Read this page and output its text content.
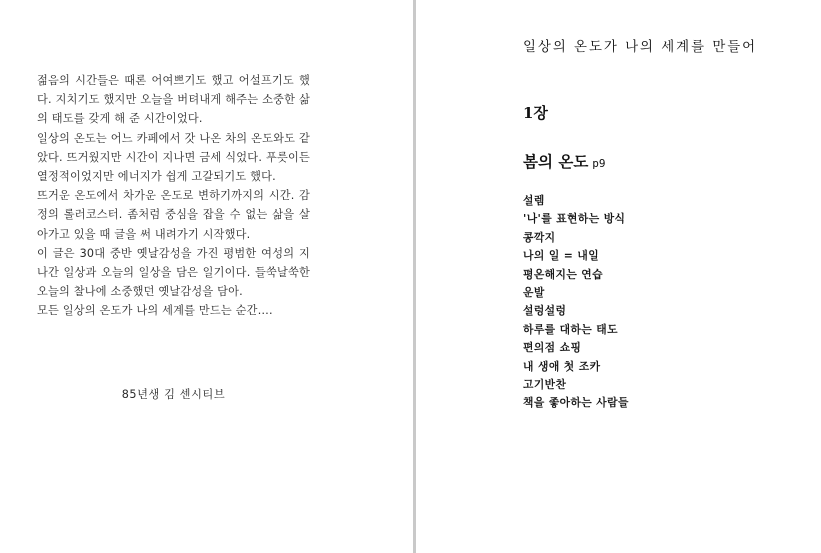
젊음의 시간들은 때론 어여쁘기도 했고 어설프기도 했다. 지치기도 했지만 오늘을 버텨내게 해주는 소중한 삶의 태도를 갖게 해 준 시간이었다.

일상의 온도는 어느 카페에서 갓 나온 차의 온도와도 같았다. 뜨거웠지만 시간이 지나면 금세 식었다. 푸릇이든 열정적이었지만 에너지가 쉽게 고갈되기도 했다.

뜨거운 온도에서 차가운 온도로 변하기까지의 시간. 감정의 롤러코스터. 좀처럼 중심을 잡을 수 없는 삶을 살아가고 있을 때 글을 써 내려가기 시작했다.

이 글은 30대 중반 옛날감성을 가진 평범한 여성의 지나간 일상과 오늘의 일상을 담은 일기이다. 들쑥날쑥한 오늘의 찰나에 소중했던 옛날감성을 담아.

모든 일상의 온도가 나의 세계를 만드는 순간….

85년생 김 센시티브
일상의 온도가 나의 세계를 만들어
1장
봄의 온도 p9
설렘
'나'를 표현하는 방식
콩깍지
나의 일 = 내일
평온해지는 연습
운발
설렁설렁
하루를 대하는 태도
편의점 쇼핑
내 생애 첫 조카
고기반찬
책을 좋아하는 사람들
